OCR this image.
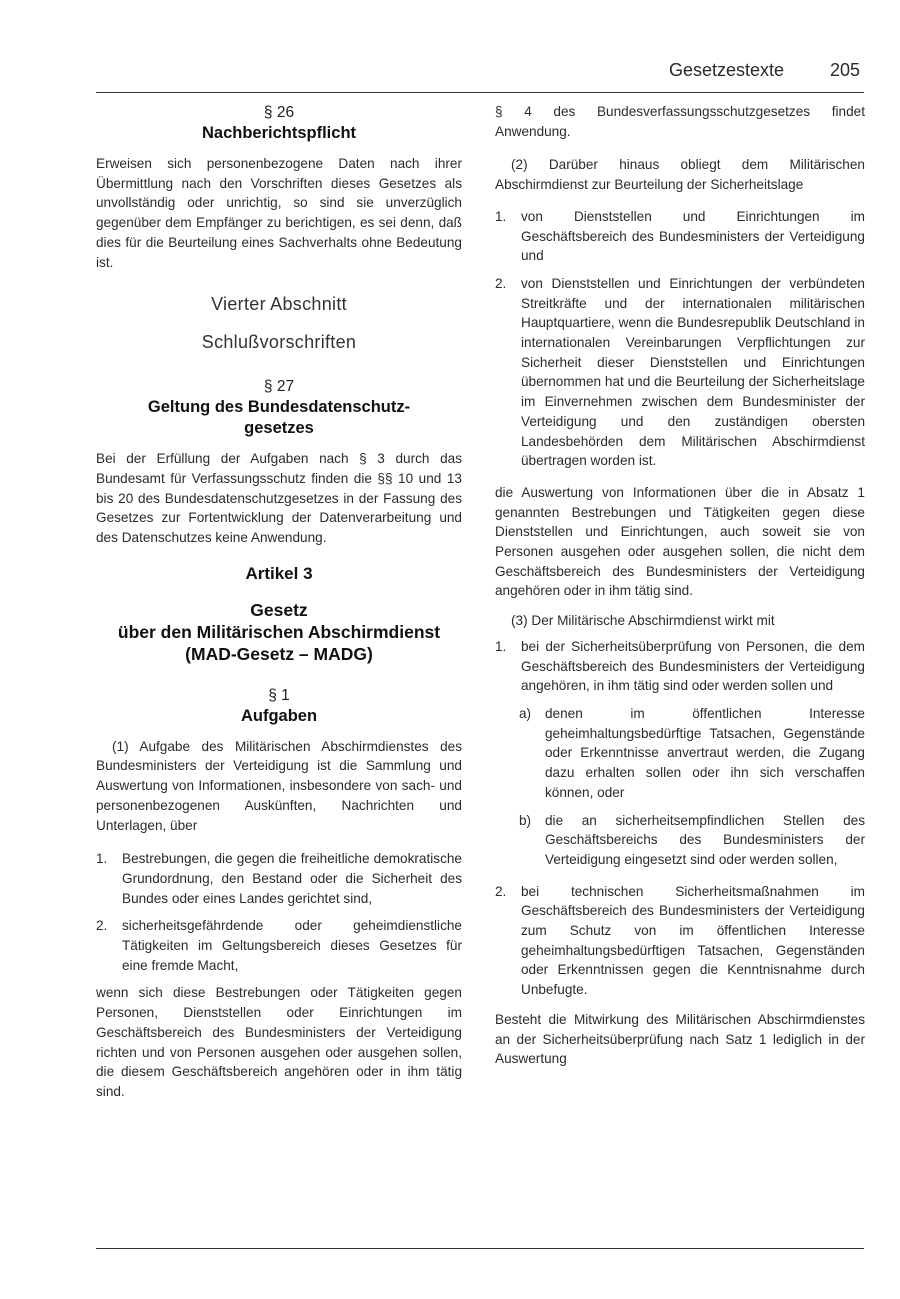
Gesetzestexte	205
§ 26
Nachberichtspflicht

Erweisen sich personenbezogene Daten nach ihrer Übermittlung nach den Vorschriften dieses Gesetzes als unvollständig oder unrichtig, so sind sie unverzüglich gegenüber dem Empfänger zu berichtigen, es sei denn, daß dies für die Beurteilung eines Sachverhalts ohne Bedeutung ist.

Vierter Abschnitt
Schlußvorschriften
§ 27
Geltung des Bundesdatenschutz-
gesetzes

Bei der Erfüllung der Aufgaben nach § 3 durch das Bundesamt für Verfassungsschutz finden die §§ 10 und 13 bis 20 des Bundesdatenschutzgesetzes in der Fassung des Gesetzes zur Fortentwicklung der Datenverarbeitung und des Datenschutzes keine Anwendung.

Artikel 3
Gesetz
über den Militärischen Abschirmdienst
(MAD-Gesetz – MADG)
§ 1
Aufgaben

(1) Aufgabe des Militärischen Abschirmdienstes des Bundesministers der Verteidigung ist die Sammlung und Auswertung von Informationen, insbesondere von sach- und personenbezogenen Auskünften, Nachrichten und Unterlagen, über

1. Bestrebungen, die gegen die freiheitliche demokratische Grundordnung, den Bestand oder die Sicherheit des Bundes oder eines Landes gerichtet sind,
2. sicherheitsgefährdende oder geheimdienstliche Tätigkeiten im Geltungsbereich dieses Gesetzes für eine fremde Macht,

wenn sich diese Bestrebungen oder Tätigkeiten gegen Personen, Dienststellen oder Einrichtungen im Geschäftsbereich des Bundesministers der Verteidigung richten und von Personen ausgehen oder ausgehen sollen, die diesem Geschäftsbereich angehören oder in ihm tätig sind.

§ 4 des Bundesverfassungsschutzgesetzes findet Anwendung.

(2) Darüber hinaus obliegt dem Militärischen Abschirmdienst zur Beurteilung der Sicherheitslage

1. von Dienststellen und Einrichtungen im Geschäftsbereich des Bundesministers der Verteidigung und
2. von Dienststellen und Einrichtungen der verbündeten Streitkräfte und der internationalen militärischen Hauptquartiere, wenn die Bundesrepublik Deutschland in internationalen Vereinbarungen Verpflichtungen zur Sicherheit dieser Dienststellen und Einrichtungen übernommen hat und die Beurteilung der Sicherheitslage im Einvernehmen zwischen dem Bundesminister der Verteidigung und den zuständigen obersten Landesbehörden dem Militärischen Abschirmdienst übertragen worden ist.

die Auswertung von Informationen über die in Absatz 1 genannten Bestrebungen und Tätigkeiten gegen diese Dienststellen und Einrichtungen, auch soweit sie von Personen ausgehen oder ausgehen sollen, die nicht dem Geschäftsbereich des Bundesministers der Verteidigung angehören oder in ihm tätig sind.

(3) Der Militärische Abschirmdienst wirkt mit

1. bei der Sicherheitsüberprüfung von Personen, die dem Geschäftsbereich des Bundesministers der Verteidigung angehören, in ihm tätig sind oder werden sollen und
a) denen im öffentlichen Interesse geheimhaltungsbedürftige Tatsachen, Gegenstände oder Erkenntnisse anvertraut werden, die Zugang dazu erhalten sollen oder ihn sich verschaffen können, oder
b) die an sicherheitsempfindlichen Stellen des Geschäftsbereichs des Bundesministers der Verteidigung eingesetzt sind oder werden sollen,
2. bei technischen Sicherheitsmaßnahmen im Geschäftsbereich des Bundesministers der Verteidigung zum Schutz von im öffentlichen Interesse geheimhaltungsbedürftigen Tatsachen, Gegenständen oder Erkenntnissen gegen die Kenntnisnahme durch Unbefugte.

Besteht die Mitwirkung des Militärischen Abschirmdienstes an der Sicherheitsüberprüfung nach Satz 1 lediglich in der Auswertung
